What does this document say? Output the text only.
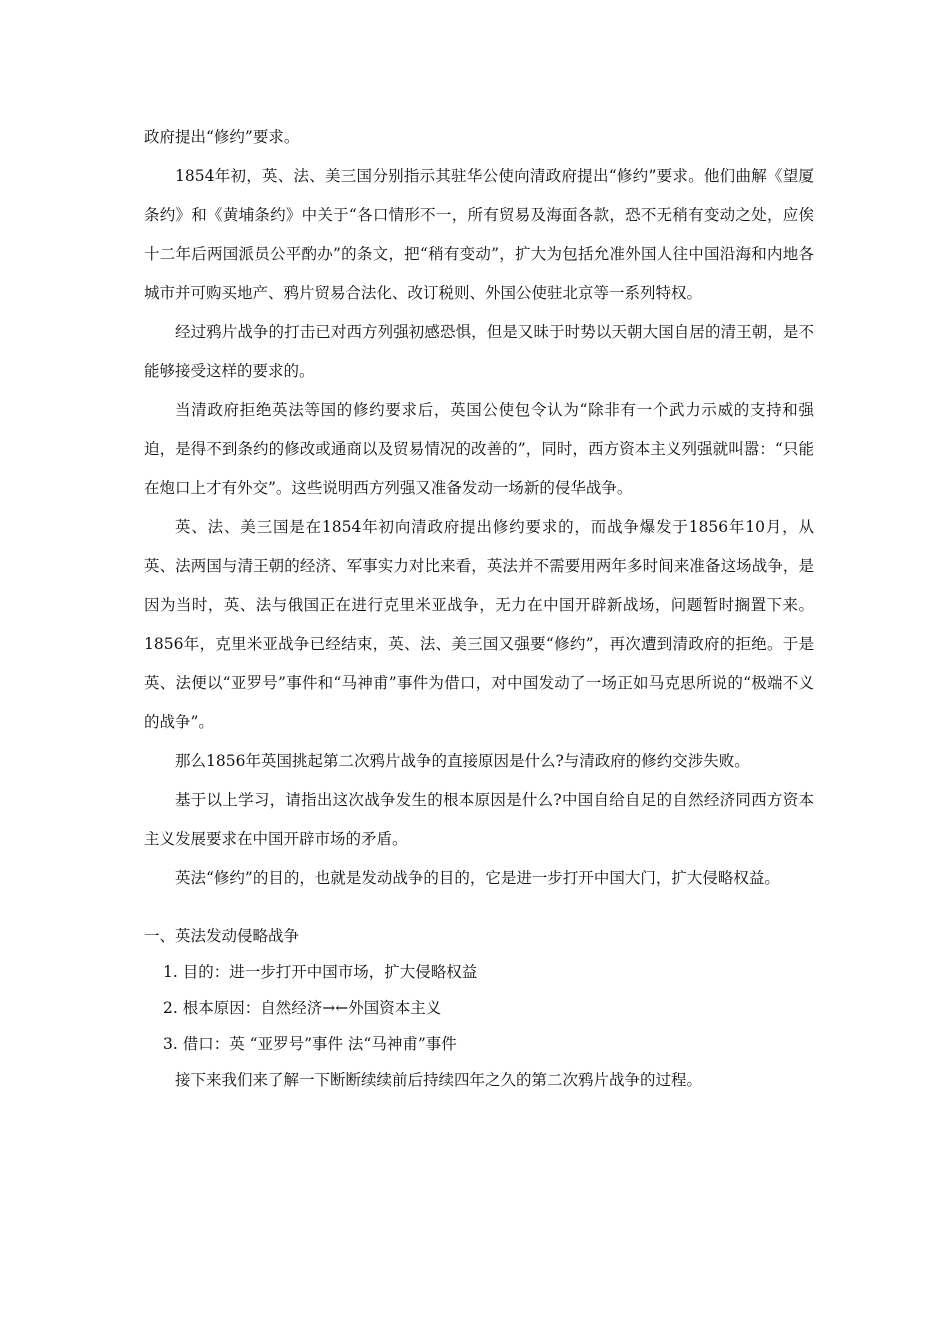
政府提出“修约”要求。

1854年初，英、法、美三国分别指示其驻华公使向清政府提出“修约”要求。他们曲解《望厦条约》和《黄埔条约》中关于“各口情形不一，所有贸易及海面各款，恐不无稍有变动之处，应俟十二年后两国派员公平酌办”的条文，把“稍有变动”，扩大为包括允准外国人往中国沿海和内地各城市并可购买地产、鸦片贸易合法化、改订税则、外国公使驻北京等一系列特权。

经过鸦片战争的打击已对西方列强初感恐惧，但是又昧于时势以天朝大国自居的清王朝，是不能够接受这样的要求的。

当清政府拒绝英法等国的修约要求后，英国公使包令认为“除非有一个武力示威的支持和强迫，是得不到条约的修改或通商以及贸易情况的改善的”，同时，西方资本主义列强就叫嚣：“只能在炮口上才有外交”。这些说明西方列强又准备发动一场新的侵华战争。

英、法、美三国是在1854年初向清政府提出修约要求的，而战争爆发于1856年10月，从英、法两国与清王朝的经济、军事实力对比来看，英法并不需要用两年多时间来准备这场战争，是因为当时，英、法与俄国正在进行克里米亚战争，无力在中国开辟新战场，问题暂时搁置下来。1856年，克里米亚战争已经结束，英、法、美三国又强要“修约”，再次遭到清政府的拒绝。于是英、法便以“亚罗号”事件和“马神甫”事件为借口，对中国发动了一场正如马克思所说的“极端不义的战争”。

那么1856年英国挑起第二次鸦片战争的直接原因是什么?与清政府的修约交涉失败。

基于以上学习，请指出这次战争发生的根本原因是什么?中国自给自足的自然经济同西方资本主义发展要求在中国开辟市场的矛盾。

英法“修约”的目的，也就是发动战争的目的，它是进一步打开中国大门，扩大侵略权益。

一、英法发动侵略战争

1. 目的：进一步打开中国市场，扩大侵略权益

2. 根本原因：自然经济→←外国资本主义

3. 借口：英 “亚罗号”事件 法“马神甫”事件

接下来我们来了解一下断断续续前后持续四年之久的第二次鸦片战争的过程。
